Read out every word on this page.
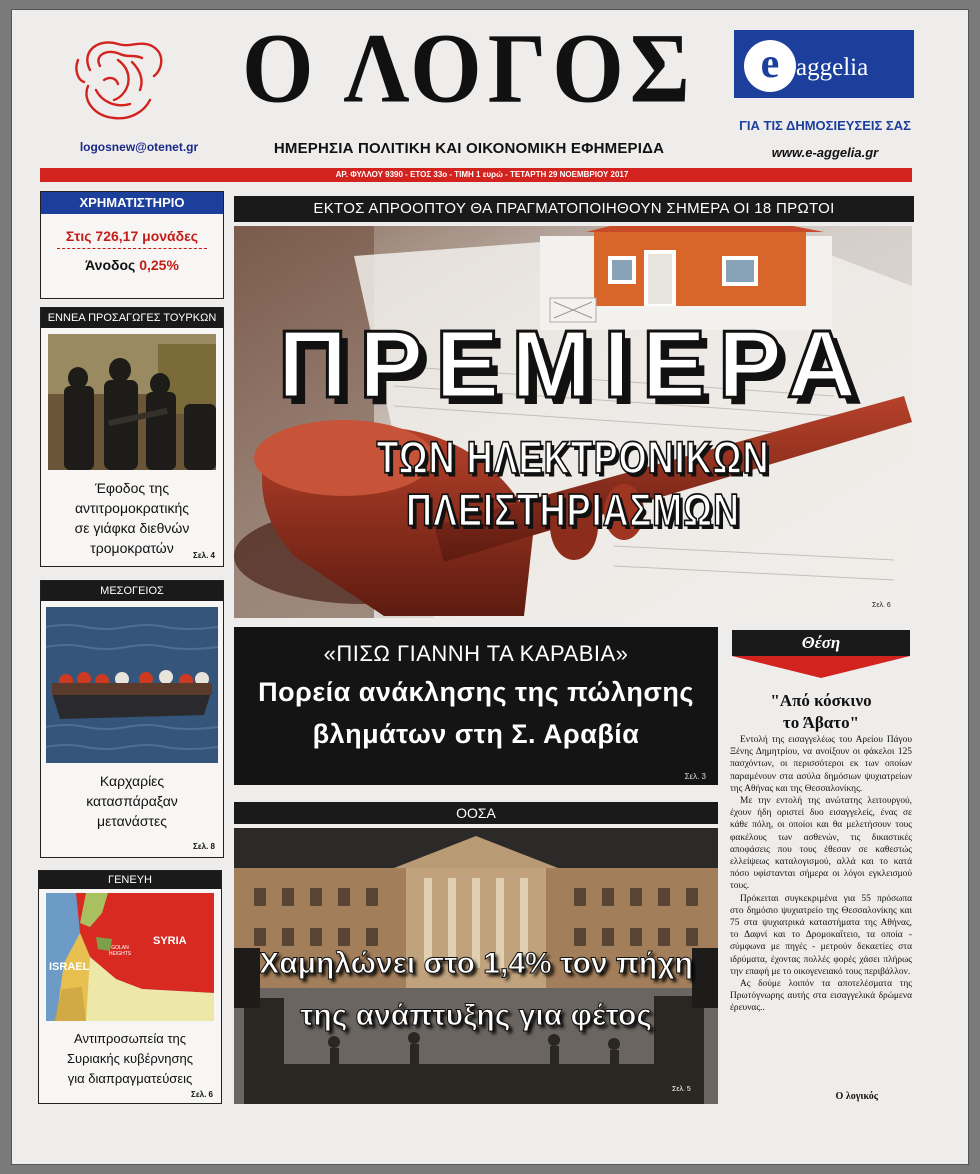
logosnew@otenet.gr
Ο ΛΟΓΟΣ
ΗΜΕΡΗΣΙΑ ΠΟΛΙΤΙΚΗ ΚΑΙ ΟΙΚΟΝΟΜΙΚΗ ΕΦΗΜΕΡΙΔΑ
e aggelia
ΓΙΑ ΤΙΣ ΔΗΜΟΣΙΕΥΣΕΙΣ ΣΑΣ
www.e-aggelia.gr
ΑΡ. ΦΥΛΛΟΥ 9390 - ΕΤΟΣ 33ο - ΤΙΜΗ 1 ευρώ - ΤΕΤΑΡΤΗ 29 ΝΟΕΜΒΡΙΟΥ 2017
ΧΡΗΜΑΤΙΣΤΗΡΙΟ
Στις 726,17 μονάδες
Άνοδος 0,25%
ΕΝΝΕΑ ΠΡΟΣΑΓΩΓΕΣ ΤΟΥΡΚΩΝ
Έφοδος της
αντιτρομοκρατικής
σε γιάφκα διεθνών
τρομοκρατών	Σελ. 4
ΜΕΣΟΓΕΙΟΣ
Καρχαρίες
κατασπάραξαν
μετανάστες
Σελ. 8
ΓΕΝΕΥΗ
SYRIA
ISRAEL
GOLAN HEIGHTS
Αντιπροσωπεία της
Συριακής κυβέρνησης
για διαπραγματεύσεις
Σελ. 6
ΕΚΤΟΣ ΑΠΡΟΟΠΤΟΥ ΘΑ ΠΡΑΓΜΑΤΟΠΟΙΗΘΟΥΝ ΣΗΜΕΡΑ ΟΙ 18 ΠΡΩΤΟΙ
ΠΡΕΜΙΕΡΑ
ΤΩΝ ΗΛΕΚΤΡΟΝΙΚΩΝ ΠΛΕΙΣΤΗΡΙΑΣΜΩΝ
Σελ. 6
«ΠΙΣΩ ΓΙΑΝΝΗ ΤΑ ΚΑΡΑΒΙΑ»
Πορεία ανάκλησης της πώλησης
βλημάτων στη Σ. Αραβία
Σελ. 3
ΟΟΣΑ
Χαμηλώνει στο 1,4% τον πήχη
της ανάπτυξης για φέτος
Σελ. 5
Θέση
"Από κόσκινο
το Άβατο"

Εντολή της εισαγγελέως του Αρείου Πάγου Ξένης Δημητρίου, να ανοίξουν οι φάκελοι 125 πασχόντων, οι περισσότεροι εκ των οποίων παραμένουν στα ασύλα δημόσιων ψυχιατρείων της Αθήνας και της Θεσσαλονίκης.

Με την εντολή της ανώτατης λειτουργού, έχουν ήδη οριστεί δυο εισαγγελείς, ένας σε κάθε πόλη, οι οποίοι και θα μελετήσουν τους φακέλους των ασθενών, τις δικαστικές αποφάσεις που τους έθεσαν σε καθεστώς ελλείψεως καταλογισμού, αλλά και το κατά πόσο υφίστανται σήμερα οι λόγοι εγκλεισμού τους.

Πρόκειται συγκεκριμένα για 55 πρόσωπα στο δημόσιο ψυχιατρείο της Θεσσαλονίκης και 75 στα ψυχιατρικά καταστήματα της Αθήνας, το Δαφνί και το Δρομοκαΐτειο, τα οποία - σύμφωνα με πηγές - μετρούν δεκαετίες στα ιδρύματα, έχοντας πολλές φορές χάσει πλήρως την επαφή με το οικογενειακό τους περιβάλλον.

Ας δούμε λοιπόν τα αποτελέσματα της Πρωτόγνωρης αυτής στα εισαγγελικά δρώμενα έρευνας..

Ο λογικός
